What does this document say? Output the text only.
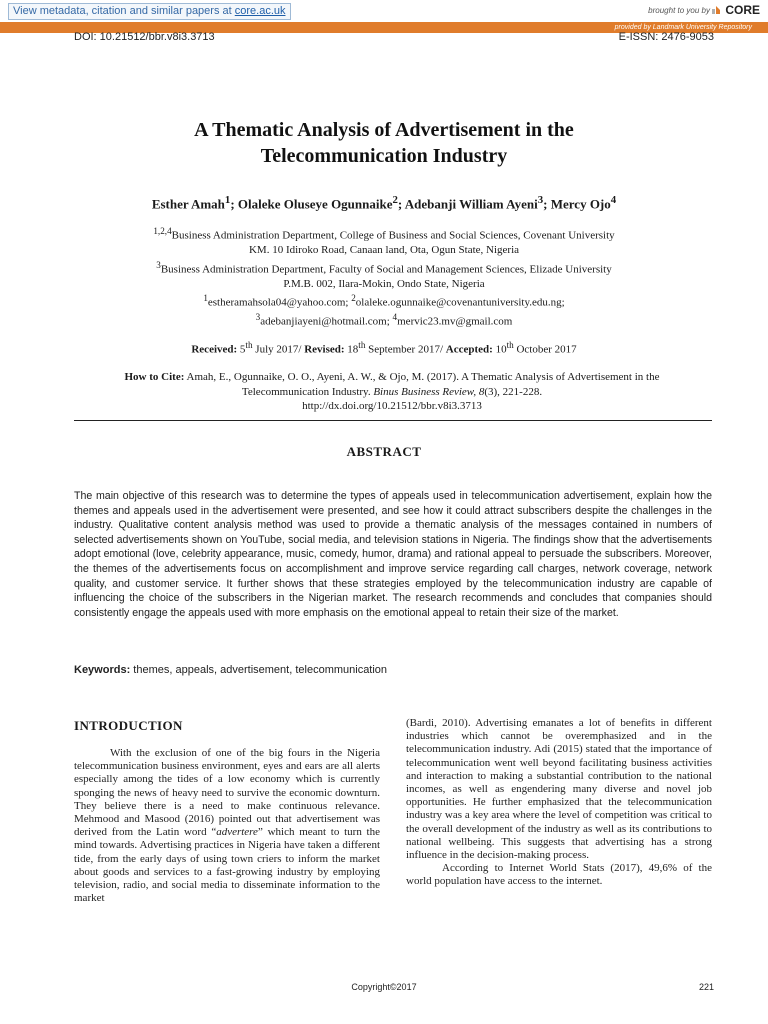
View metadata, citation and similar papers at core.ac.uk	brought to you by CORE
provided by Landmark University Repository
DOI: 10.21512/bbr.v8i3.3713	E-ISSN: 2476-9053
A Thematic Analysis of Advertisement in the
Telecommunication Industry
Esther Amah$^1$; Olaleke Oluseye Ogunnaike$^2$; Adebanji William Ayeni$^3$; Mercy Ojo$^4$
$^{1,2,4}$Business Administration Department, College of Business and Social Sciences, Covenant University
KM. 10 Idiroko Road, Canaan land, Ota, Ogun State, Nigeria
$^3$Business Administration Department, Faculty of Social and Management Sciences, Elizade University
P.M.B. 002, Ilara-Mokin, Ondo State, Nigeria
$^1$estheramahsola04@yahoo.com; $^2$olaleke.ogunnaike@covenantuniversity.edu.ng;
$^3$adebanjiayeni@hotmail.com; $^4$mervic23.mv@gmail.com
Received: 5th July 2017/ Revised: 18th September 2017/ Accepted: 10th October 2017
How to Cite: Amah, E., Ogunnaike, O. O., Ayeni, A. W., & Ojo, M. (2017). A Thematic Analysis of Advertisement in the
Telecommunication Industry. Binus Business Review, 8(3), 221-228.
http://dx.doi.org/10.21512/bbr.v8i3.3713
ABSTRACT
The main objective of this research was to determine the types of appeals used in telecommunication advertisement, explain how the themes and appeals used in the advertisement were presented, and see how it could attract subscribers despite the challenges in the industry. Qualitative content analysis method was used to provide a thematic analysis of the messages contained in numbers of selected advertisements shown on YouTube, social media, and television stations in Nigeria. The findings show that the advertisements adopt emotional (love, celebrity appearance, music, comedy, humor, drama) and rational appeal to persuade the subscribers. Moreover, the themes of the advertisements focus on accomplishment and improve service regarding call charges, network coverage, network quality, and customer service. It further shows that these strategies employed by the telecommunication industry are capable of influencing the choice of the subscribers in the Nigerian market. The research recommends and concludes that companies should consistently engage the appeals used with more emphasis on the emotional appeal to retain their size of the market.
Keywords: themes, appeals, advertisement, telecommunication
INTRODUCTION

With the exclusion of one of the big fours in the Nigeria telecommunication business environment, eyes and ears are all alerts especially among the tides of a low economy which is currently sponging the news of heavy need to survive the economic downturn. They believe there is a need to make continuous relevance. Mehmood and Masood (2016) pointed out that advertisement was derived from the Latin word “advertere” which meant to turn the mind towards. Advertising practices in Nigeria have taken a different tide, from the early days of using town criers to inform the market about goods and services to a fast-growing industry by employing television, radio, and social media to disseminate information to the market

(Bardi, 2010). Advertising emanates a lot of benefits in different industries which cannot be overemphasized and in the telecommunication industry. Adi (2015) stated that the importance of telecommunication went well beyond facilitating business activities and interaction to making a substantial contribution to the national incomes, as well as engendering many diverse and novel job opportunities. He further emphasized that the telecommunication industry was a key area where the level of competition was critical to the overall development of the industry as well as its contributions to national wellbeing. This suggests that advertising has a strong influence in the decision-making process.

According to Internet World Stats (2017), 49,6% of the world population have access to the internet.

Copyright©2017	221
